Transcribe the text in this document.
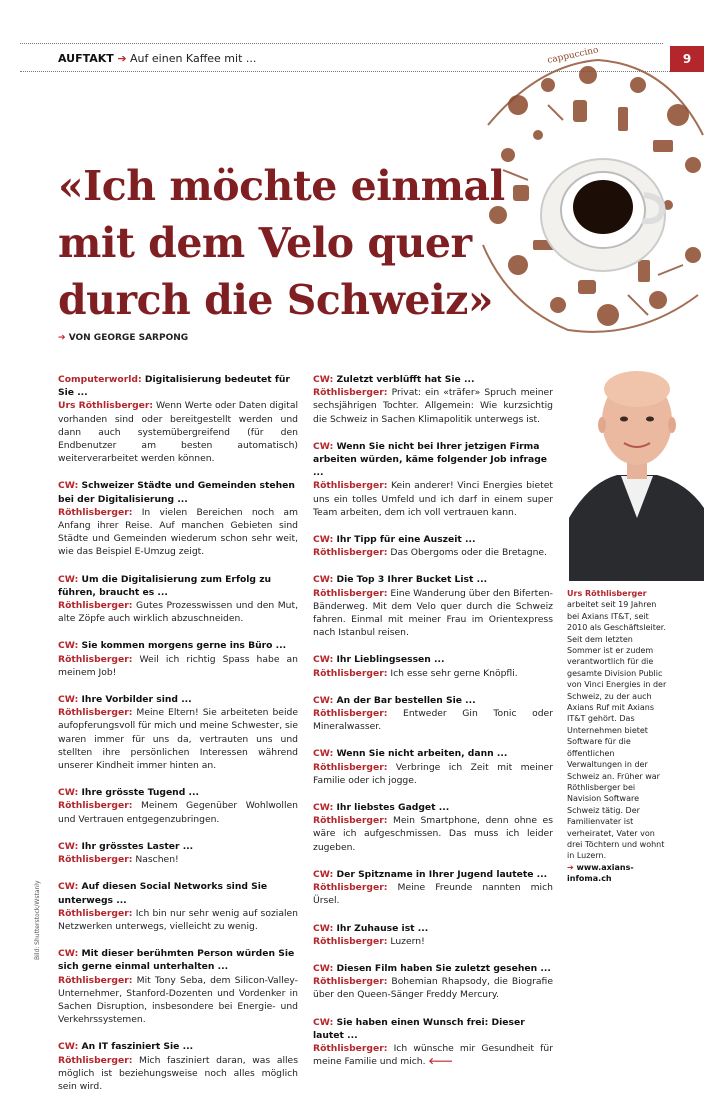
AUFTAKT ➔ Auf einen Kaffee mit ...	9
cappuccino
«Ich möchte einmal
mit dem Velo quer
durch die Schweiz»
➔ VON GEORGE SARPONG
Computerworld: Digitalisierung bedeutet für Sie ...
Urs Röthlisberger: Wenn Werte oder Daten digital vorhanden sind oder bereitgestellt werden und dann auch systemübergreifend (für den Endbenutzer am besten automatisch) weiterverarbeitet werden können.
CW: Schweizer Städte und Gemeinden stehen bei der Digitalisierung ...
Röthlisberger: In vielen Bereichen noch am Anfang ihrer Reise. Auf manchen Gebieten sind Städte und Gemeinden wiederum schon sehr weit, wie das Beispiel E-Umzug zeigt.
CW: Um die Digitalisierung zum Erfolg zu führen, braucht es ...
Röthlisberger: Gutes Prozesswissen und den Mut, alte Zöpfe auch wirklich abzuschneiden.
CW: Sie kommen morgens gerne ins Büro ...
Röthlisberger: Weil ich richtig Spass habe an meinem Job!
CW: Ihre Vorbilder sind ...
Röthlisberger: Meine Eltern! Sie arbeiteten beide aufopferungsvoll für mich und meine Schwester, sie waren immer für uns da, vertrauten uns und stellten ihre persönlichen Interessen während unserer Kindheit immer hinten an.
CW: Ihre grösste Tugend ...
Röthlisberger: Meinem Gegenüber Wohlwollen und Vertrauen entgegenzubringen.
CW: Ihr grösstes Laster ...
Röthlisberger: Naschen!
CW: Auf diesen Social Networks sind Sie unterwegs ...
Röthlisberger: Ich bin nur sehr wenig auf sozialen Netzwerken unterwegs, vielleicht zu wenig.
CW: Mit dieser berühmten Person würden Sie sich gerne einmal unterhalten ...
Röthlisberger: Mit Tony Seba, dem Silicon-Valley-Unternehmer, Stanford-Dozenten und Vordenker in Sachen Disruption, insbesondere bei Energie- und Verkehrssystemen.
CW: An IT fasziniert Sie ...
Röthlisberger: Mich fasziniert daran, was alles möglich ist beziehungsweise noch alles möglich sein wird.
CW: Zuletzt verblüfft hat Sie ...
Röthlisberger: Privat: ein «träfer» Spruch meiner sechsjährigen Tochter. Allgemein: Wie kurzsichtig die Schweiz in Sachen Klimapolitik unterwegs ist.
CW: Wenn Sie nicht bei Ihrer jetzigen Firma arbeiten würden, käme folgender Job infrage ...
Röthlisberger: Kein anderer! Vinci Energies bietet uns ein tolles Umfeld und ich darf in einem super Team arbeiten, dem ich voll vertrauen kann.
CW: Ihr Tipp für eine Auszeit ...
Röthlisberger: Das Obergoms oder die Bretagne.
CW: Die Top 3 Ihrer Bucket List ...
Röthlisberger: Eine Wanderung über den Biferten-Bänderweg. Mit dem Velo quer durch die Schweiz fahren. Einmal mit meiner Frau im Orientexpress nach Istanbul reisen.
CW: Ihr Lieblingsessen ...
Röthlisberger: Ich esse sehr gerne Knöpfli.
CW: An der Bar bestellen Sie ...
Röthlisberger: Entweder Gin Tonic oder Mineralwasser.
CW: Wenn Sie nicht arbeiten, dann ...
Röthlisberger: Verbringe ich Zeit mit meiner Familie oder ich jogge.
CW: Ihr liebstes Gadget ...
Röthlisberger: Mein Smartphone, denn ohne es wäre ich aufgeschmissen. Das muss ich leider zugeben.
CW: Der Spitzname in Ihrer Jugend lautete ...
Röthlisberger: Meine Freunde nannten mich Ürsel.
CW: Ihr Zuhause ist ...
Röthlisberger: Luzern!
CW: Diesen Film haben Sie zuletzt gesehen ...
Röthlisberger: Bohemian Rhapsody, die Biografie über den Queen-Sänger Freddy Mercury.
CW: Sie haben einen Wunsch frei: Dieser lautet ...
Röthlisberger: Ich wünsche mir Gesundheit für meine Familie und mich. 🡐
Urs Röthlisberger
arbeitet seit 19 Jahren bei Axians IT&T, seit 2010 als Geschäftsleiter. Seit dem letzten Sommer ist er zudem verantwortlich für die gesamte Division Public von Vinci Energies in der Schweiz, zu der auch Axians Ruf mit Axians IT&T gehört. Das Unternehmen bietet Software für die öffentlichen Verwaltungen in der Schweiz an. Früher war Röthlisberger bei Navision Software Schweiz tätig. Der Familienvater ist verheiratet, Vater von drei Töchtern und wohnt in Luzern.
➔ www.axians-infoma.ch
Bild: Shutterstock/Wstanly
